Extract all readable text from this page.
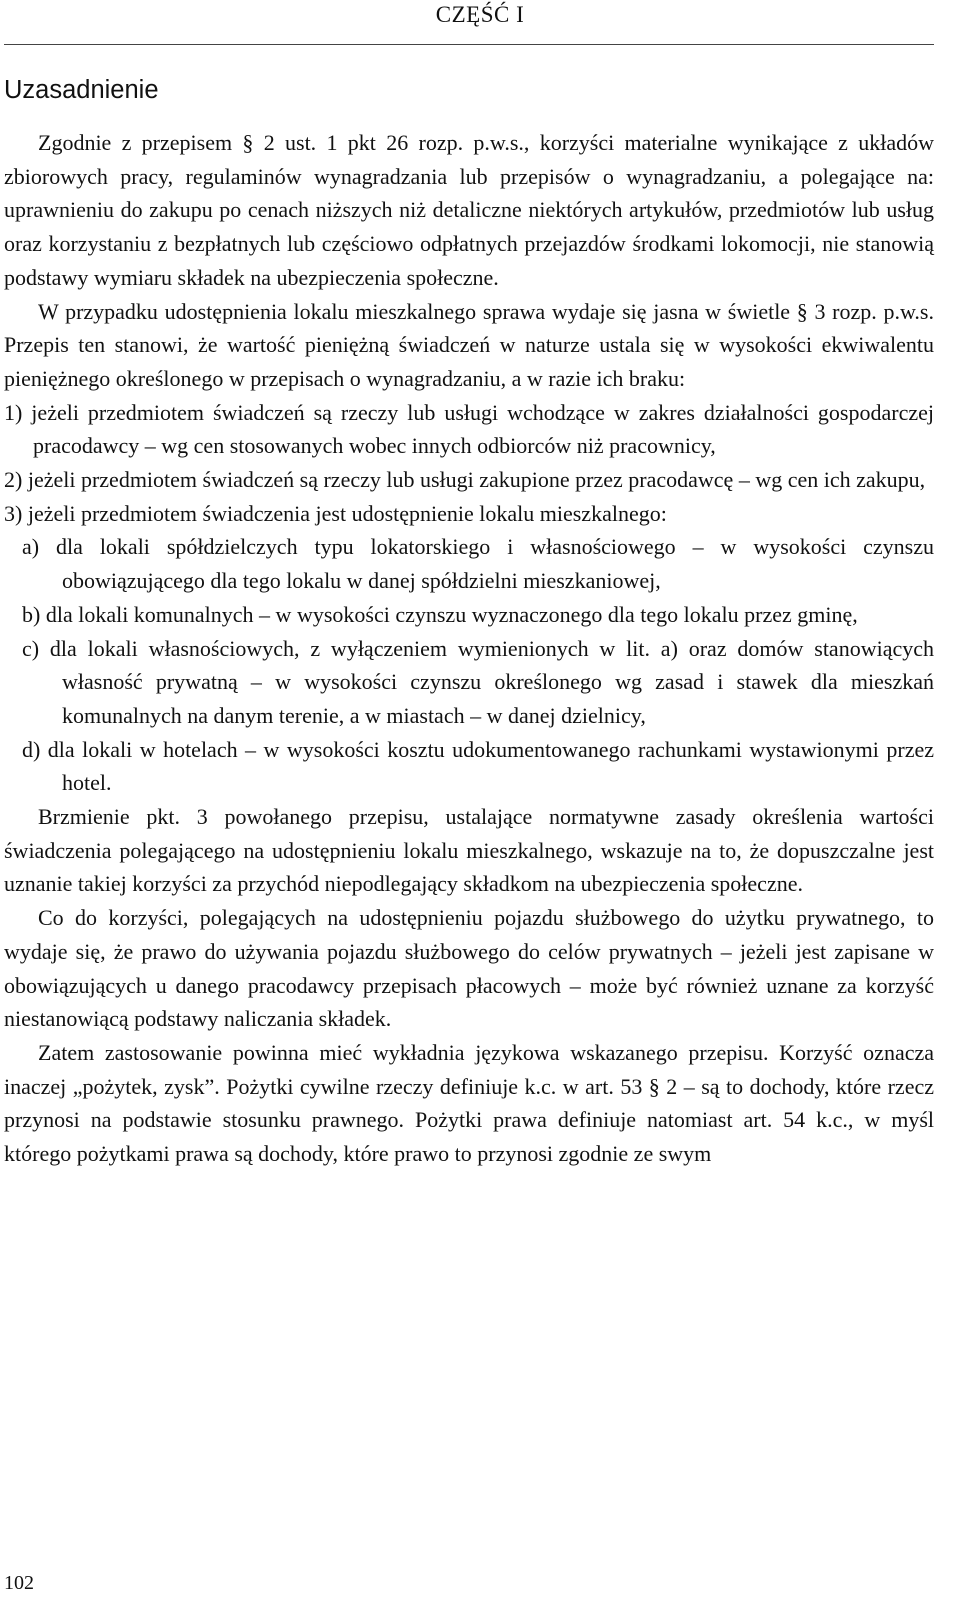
CZĘŚĆ I
Uzasadnienie

Zgodnie z przepisem § 2 ust. 1 pkt 26 rozp. p.w.s., korzyści materialne wynikające z układów zbiorowych pracy, regulaminów wynagradzania lub przepisów o wynagradzaniu, a polegające na: uprawnieniu do zakupu po cenach niższych niż detaliczne niektórych artykułów, przedmiotów lub usług oraz korzystaniu z bezpłatnych lub częściowo odpłatnych przejazdów środkami lokomocji, nie stanowią podstawy wymiaru składek na ubezpieczenia społeczne.

W przypadku udostępnienia lokalu mieszkalnego sprawa wydaje się jasna w świetle § 3 rozp. p.w.s. Przepis ten stanowi, że wartość pieniężną świadczeń w naturze ustala się w wysokości ekwiwalentu pieniężnego określonego w przepisach o wynagradzaniu, a w razie ich braku:

1) jeżeli przedmiotem świadczeń są rzeczy lub usługi wchodzące w zakres działalności gospodarczej pracodawcy – wg cen stosowanych wobec innych odbiorców niż pracownicy,

2) jeżeli przedmiotem świadczeń są rzeczy lub usługi zakupione przez pracodawcę – wg cen ich zakupu,

3) jeżeli przedmiotem świadczenia jest udostępnienie lokalu mieszkalnego:

a) dla lokali spółdzielczych typu lokatorskiego i własnościowego – w wysokości czynszu obowiązującego dla tego lokalu w danej spółdzielni mieszkaniowej,

b) dla lokali komunalnych – w wysokości czynszu wyznaczonego dla tego lokalu przez gminę,

c) dla lokali własnościowych, z wyłączeniem wymienionych w lit. a) oraz domów stanowiących własność prywatną – w wysokości czynszu określonego wg zasad i stawek dla mieszkań komunalnych na danym terenie, a w miastach – w danej dzielnicy,

d) dla lokali w hotelach – w wysokości kosztu udokumentowanego rachunkami wystawionymi przez hotel.

Brzmienie pkt. 3 powołanego przepisu, ustalające normatywne zasady określenia wartości świadczenia polegającego na udostępnieniu lokalu mieszkalnego, wskazuje na to, że dopuszczalne jest uznanie takiej korzyści za przychód niepodlegający składkom na ubezpieczenia społeczne.

Co do korzyści, polegających na udostępnieniu pojazdu służbowego do użytku prywatnego, to wydaje się, że prawo do używania pojazdu służbowego do celów prywatnych – jeżeli jest zapisane w obowiązujących u danego pracodawcy przepisach płacowych – może być również uznane za korzyść niestanowiącą podstawy naliczania składek.

Zatem zastosowanie powinna mieć wykładnia językowa wskazanego przepisu. Korzyść oznacza inaczej „pożytek, zysk”. Pożytki cywilne rzeczy definiuje k.c. w art. 53 § 2 – są to dochody, które rzecz przynosi na podstawie stosunku prawnego. Pożytki prawa definiuje natomiast art. 54 k.c., w myśl którego pożytkami prawa są dochody, które prawo to przynosi zgodnie ze swym

102
